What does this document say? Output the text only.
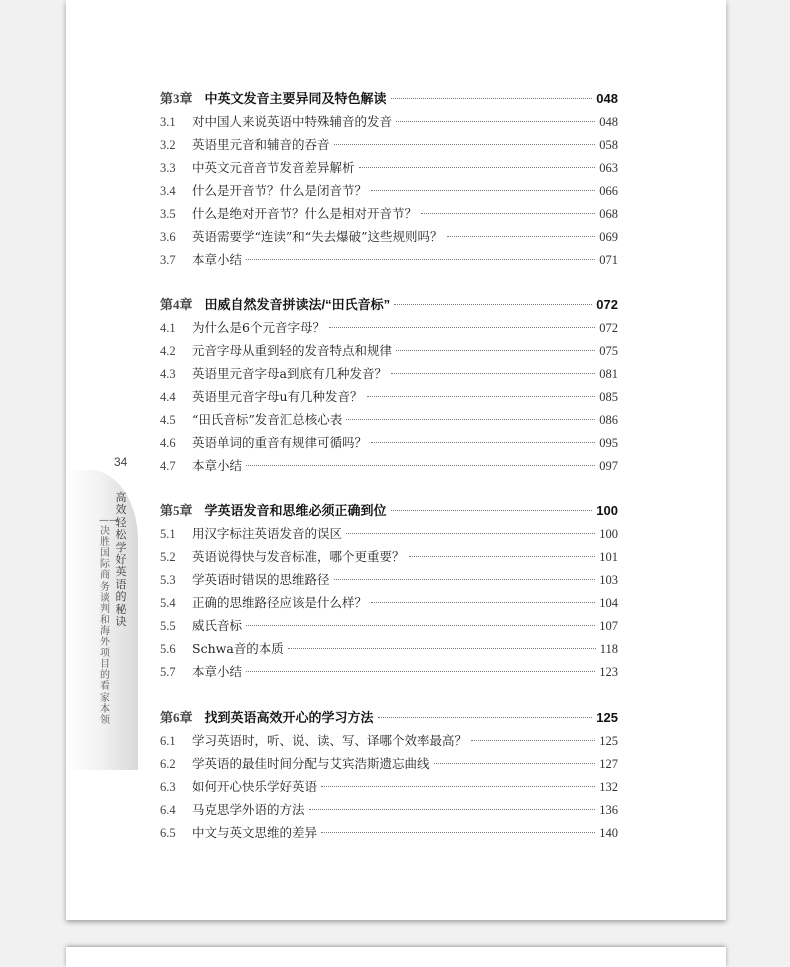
34
高效轻松学好英语的秘诀
——决胜国际商务谈判和海外项目的看家本领
第3章 中英文发音主要异同及特色解读	048
3.1	对中国人来说英语中特殊辅音的发音	048
3.2	英语里元音和辅音的吞音	058
3.3	中英文元音音节发音差异解析	063
3.4	什么是开音节？什么是闭音节？	066
3.5	什么是绝对开音节？什么是相对开音节？	068
3.6	英语需要学“连读”和“失去爆破”这些规则吗？	069
3.7	本章小结	071
第4章 田威自然发音拼读法/“田氏音标”	072
4.1	为什么是6个元音字母？	072
4.2	元音字母从重到轻的发音特点和规律	075
4.3	英语里元音字母a到底有几种发音？	081
4.4	英语里元音字母u有几种发音？	085
4.5	“田氏音标”发音汇总核心表	086
4.6	英语单词的重音有规律可循吗？	095
4.7	本章小结	097
第5章 学英语发音和思维必须正确到位	100
5.1	用汉字标注英语发音的误区	100
5.2	英语说得快与发音标准，哪个更重要？	101
5.3	学英语时错误的思维路径	103
5.4	正确的思维路径应该是什么样？	104
5.5	威氏音标	107
5.6	Schwa音的本质	118
5.7	本章小结	123
第6章 找到英语高效开心的学习方法	125
6.1	学习英语时，听、说、读、写、译哪个效率最高？	125
6.2	学英语的最佳时间分配与艾宾浩斯遗忘曲线	127
6.3	如何开心快乐学好英语	132
6.4	马克思学外语的方法	136
6.5	中文与英文思维的差异	140
